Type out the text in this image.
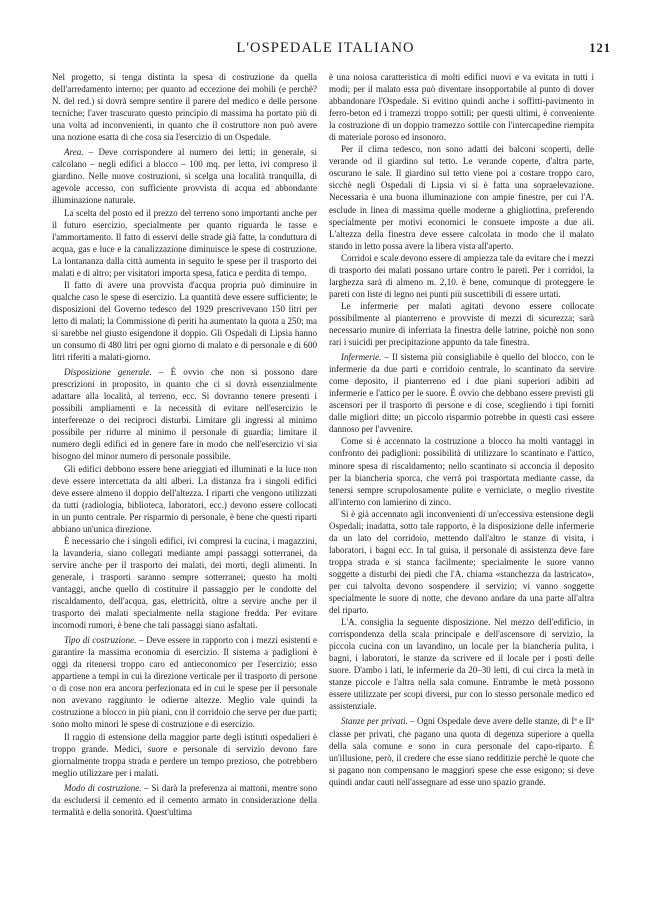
L'OSPEDALE ITALIANO	121

Nel progetto, si tenga distinta la spesa di costruzione da quella dell'arredamento interno; per quanto ad eccezione dei mobili (e perchè? N. del red.) si dovrà sempre sentire il parere del medico e delle persone tecniche; l'aver trascurato questo principio di massima ha portato più di una volta ad inconvenienti, in quanto che il costruttore non può avere una nozione esatta di che cosa sia l'esercizio di un Ospedale.

Area. – Deve corrispondere al numero dei letti; in generale, si calcolano – negli edifici a blocco – 100 mq. per letto, ivi compreso il giardino. Nelle nuove costruzioni, si scelga una località tranquilla, di agevole accesso, con sufficiente provvista di acqua ed abbondante illuminazione naturale.

La scelta del posto ed il prezzo del terreno sono importanti anche per il futuro esercizio, specialmente per quanto riguarda le tasse e l'ammortamento. Il fatto di esservi delle strade già fatte, la conduttura di acqua, gas e luce e la canalizzazione diminuisce le spese di costruzione. La lontananza dalla città aumenta in seguito le spese per il trasporto dei malati e di altro; per visitatori importa spesa, fatica e perdita di tempo.

Il fatto di avere una provvista d'acqua propria può diminuire in qualche caso le spese di esercizio. La quantità deve essere sufficiente; le disposizioni del Governo tedesco del 1929 prescrivevano 150 litri per letto di malati; la Commissione di periti ha aumentato la quota a 250; ma si sarebbe nel giusto esigendone il doppio. Gli Ospedali di Lipsia hanno un consumo di 480 litri per ogni giorno di malato e di personale e di 600 litri riferiti a malati-giorno.

Disposizione generale. – È ovvio che non si possono dare prescrizioni in proposito, in quanto che ci si dovrà essenzialmente adattare alla località, al terreno, ecc. Si dovranno tenere presenti i possibili ampliamenti e la necessità di evitare nell'esercizio le interferenze o dei reciproci disturbi. Limitare gli ingressi al minimo possibile per ridurre al minimo il personale di guardia; limitare il numero degli edifici ed in genere fare in modo che nell'esercizio vi sia bisogno del minor numero di personale possibile.

Gli edifici debbono essere bene arieggiati ed illuminati e la luce non deve essere intercettata da alti alberi. La distanza fra i singoli edifici deve essere almeno il doppio dell'altezza. I riparti che vengono utilizzati da tutti (radiologia, biblioteca, laboratori, ecc.) devono essere collocati in un punto centrale. Per risparmio di personale, è bene che questi riparti abbiano un'unica direzione.

È necessario che i singoli edifici, ivi compresi la cucina, i magazzini, la lavanderia, siano collegati mediante ampi passaggi sotterranei, da servire anche per il trasporto dei malati, dei morti, degli alimenti. In generale, i trasporti saranno sempre sotterranei; questo ha molti vantaggi, anche quello di costituire il passaggio per le condotte del riscaldamento, dell'acqua, gas, elettricità, oltre a servire anche per il trasporto dei malati specialmente nella stagione fredda. Per evitare incomodi rumori, è bene che tali passaggi siano asfaltati.

Tipo di costruzione. – Deve essere in rapporto con i mezzi esistenti e garantire la massima economia di esercizio. Il sistema a padiglioni è oggi da ritenersi troppo caro ed antieconomico per l'esercizio; esso appartiene a tempi in cui la direzione verticale per il trasporto di persone o di cose non era ancora perfezionata ed in cui le spese per il personale non avevano raggiunto le odierne altezze. Meglio vale quindi la costruzione a blocco in più piani, con il corridoio che serve per due parti; sono molto minori le spese di costruzione e di esercizio.

Il raggio di estensione della maggior parte degli istituti ospedalieri è troppo grande. Medici, suore e personale di servizio devono fare giornalmente troppa strada e perdere un tempo prezioso, che potrebbero meglio utilizzare per i malati.

Modo di costruzione. – Si darà la preferenza ai mattoni, mentre sono da escludersi il cemento ed il cemento armato in considerazione della termalità e della sonorità. Quest'ultima

è una noiosa caratteristica di molti edifici nuovi e va evitata in tutti i modi; per il malato essa può diventare insopportabile al punto di dover abbandonare l'Ospedale. Si evitino quindi anche i soffitti-pavimento in ferro-beton ed i tramezzi troppo sottili; per questi ultimi, è conveniente la costruzione di un doppio tramezzo sottile con l'intercapedine riempita di materiale poroso ed insonoro.

Per il clima tedesco, non sono adatti dei balconi scoperti, delle verande od il giardino sul tetto. Le verande coperte, d'altra parte, oscurano le sale. Il giardino sul tetto viene poi a costare troppo caro, sicchè negli Ospedali di Lipsia vi si è fatta una sopraelevazione. Necessaria è una buona illuminazione con ampie finestre, per cui l'A. esclude in linea di massima quelle moderne a ghigliottina, preferendo specialmente per motivi economici le consuete imposte a due ali. L'altezza della finestra deve essere calcolata in modo che il malato stando in letto possa avere la libera vista all'aperto.

Corridoi e scale devono essere di ampiezza tale da evitare che i mezzi di trasporto dei malati possano urtare contro le pareti. Per i corridoi, la larghezza sarà di almeno m. 2,10. è bene, comunque di proteggere le pareti con liste di legno nei punti più suscettibili di essere urtati.

Le infermerie per malati agitati devono essere collocate possibilmente al pianterreno e provviste di mezzi di sicurezza; sarà necessario munire di inferriata la finestra delle latrine, poichè non sono rari i suicidi per precipitazione appunto da tale finestra.

Infermerie. – Il sistema più consigliabile è quello del blocco, con le infermerie da due parti e corridoio centrale, lo scantinato da servire come deposito, il pianterreno ed i due piani superiori adibiti ad infermerie e l'attico per le suore. È ovvio che debbano essere previsti gli ascensori per il trasporto di persone e di cose, scegliendo i tipi forniti dalle migliori ditte; un piccolo risparmio potrebbe in questi casi essere dannoso per l'avvenire.

Come si è accennato la costruzione a blocco ha molti vantaggi in confronto dei padiglioni: possibilità di utilizzare lo scantinato e l'attico, minore spesa di riscaldamento; nello scantinato si acconcia il deposito per la biancheria sporca, che verrà poi trasportata mediante casse, da tenersi sempre scrupolosamente pulite e verniciate, o meglio rivestite all'interno con lamierino di zinco.

Si è già accennato agli inconvenienti di un'eccessiva estensione degli Ospedali; inadatta, sotto tale rapporto, è la disposizione delle infermerie da un lato del corridoio, mettendo dall'altro le stanze di visita, i laboratori, i bagni ecc. In tal guisa, il personale di assistenza deve fare troppa strada e si stanca facilmente; specialmente le suore vanno soggette a disturbi dei piedi che l'A. chiama «stanchezza da lastricato», per cui talvolta devono sospendere il servizio; vi vanno soggette specialmente le suore di notte, che devono andare da una parte all'altra del riparto.

L'A. consiglia la seguente disposizione. Nel mezzo dell'edificio, in corrispondenza della scala principale e dell'ascensore di servizio, la piccola cucina con un lavandino, un locale per la biancheria pulita, i bagni, i laboratori, le stanze da scrivere ed il locale per i posti delle suore. D'ambo i lati, le infermerie da 20–30 letti, di cui circa la metà in stanze piccole e l'altra nella sala comune. Entrambe le metà possono essere utilizzate per scopi diversi, pur con lo stesso personale medico ed assistenziale.

Stanze per privati. – Ogni Ospedale deve avere delle stanze, di Iª e IIª classe per privati, che pagano una quota di degenza superiore a quella della sala comune e sono in cura personale del capo-riparto. È un'illusione, però, il credere che esse siano redditizie perchè le quote che si pagano non compensano le maggiori spese che esse esigono; si deve quindi andar cauti nell'assegnare ad esse uno spazio grande.
